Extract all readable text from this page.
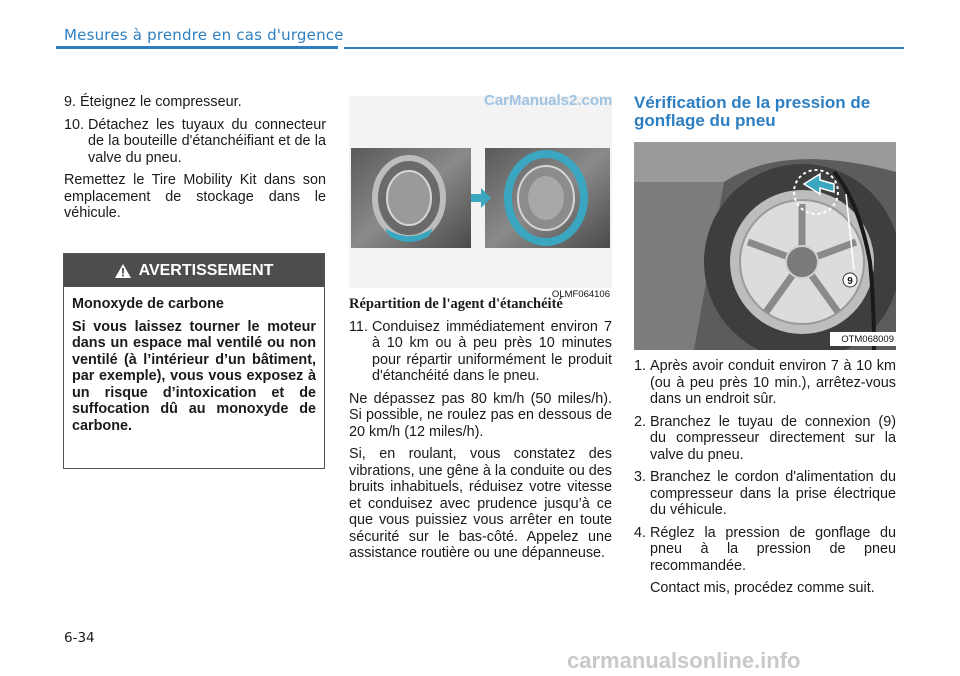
Mesures à prendre en cas d'urgence
9. Éteignez le compresseur.
10. Détachez les tuyaux du connecteur de la bouteille d'étanchéifiant et de la valve du pneu.

Remettez le Tire Mobility Kit dans son emplacement de stockage dans le véhicule.

AVERTISSEMENT

Monoxyde de carbone

Si vous laissez tourner le moteur dans un espace mal ventilé ou non ventilé (à l’intérieur d’un bâtiment, par exemple), vous vous exposez à un risque d’intoxication et de suffocation dû au monoxyde de carbone.

OLMF064106

Répartition de l'agent d'étanchéité

11. Conduisez immédiatement environ 7 à 10 km ou à peu près 10 minutes pour répartir uniformément le produit d'étanchéité dans le pneu.

Ne dépassez pas 80 km/h (50 miles/h). Si possible, ne roulez pas en dessous de 20 km/h (12 miles/h).

Si, en roulant, vous constatez des vibrations, une gêne à la conduite ou des bruits inhabituels, réduisez votre vitesse et conduisez avec prudence jusqu’à ce que vous puissiez vous arrêter en toute sécurité sur le bas-côté. Appelez une assistance routière ou une dépanneuse.

Vérification de la pression de gonflage du pneu

9
OTM068009
1. Après avoir conduit environ 7 à 10 km (ou à peu près 10 min.), arrêtez-vous dans un endroit sûr.
2. Branchez le tuyau de connexion (9) du compresseur directement sur la valve du pneu.
3. Branchez le cordon d'alimentation du compresseur dans la prise électrique du véhicule.
4. Réglez la pression de gonflage du pneu à la pression de pneu recommandée.

Contact mis, procédez comme suit.

6-34
CarManuals2.com
carmanualsonline.info
